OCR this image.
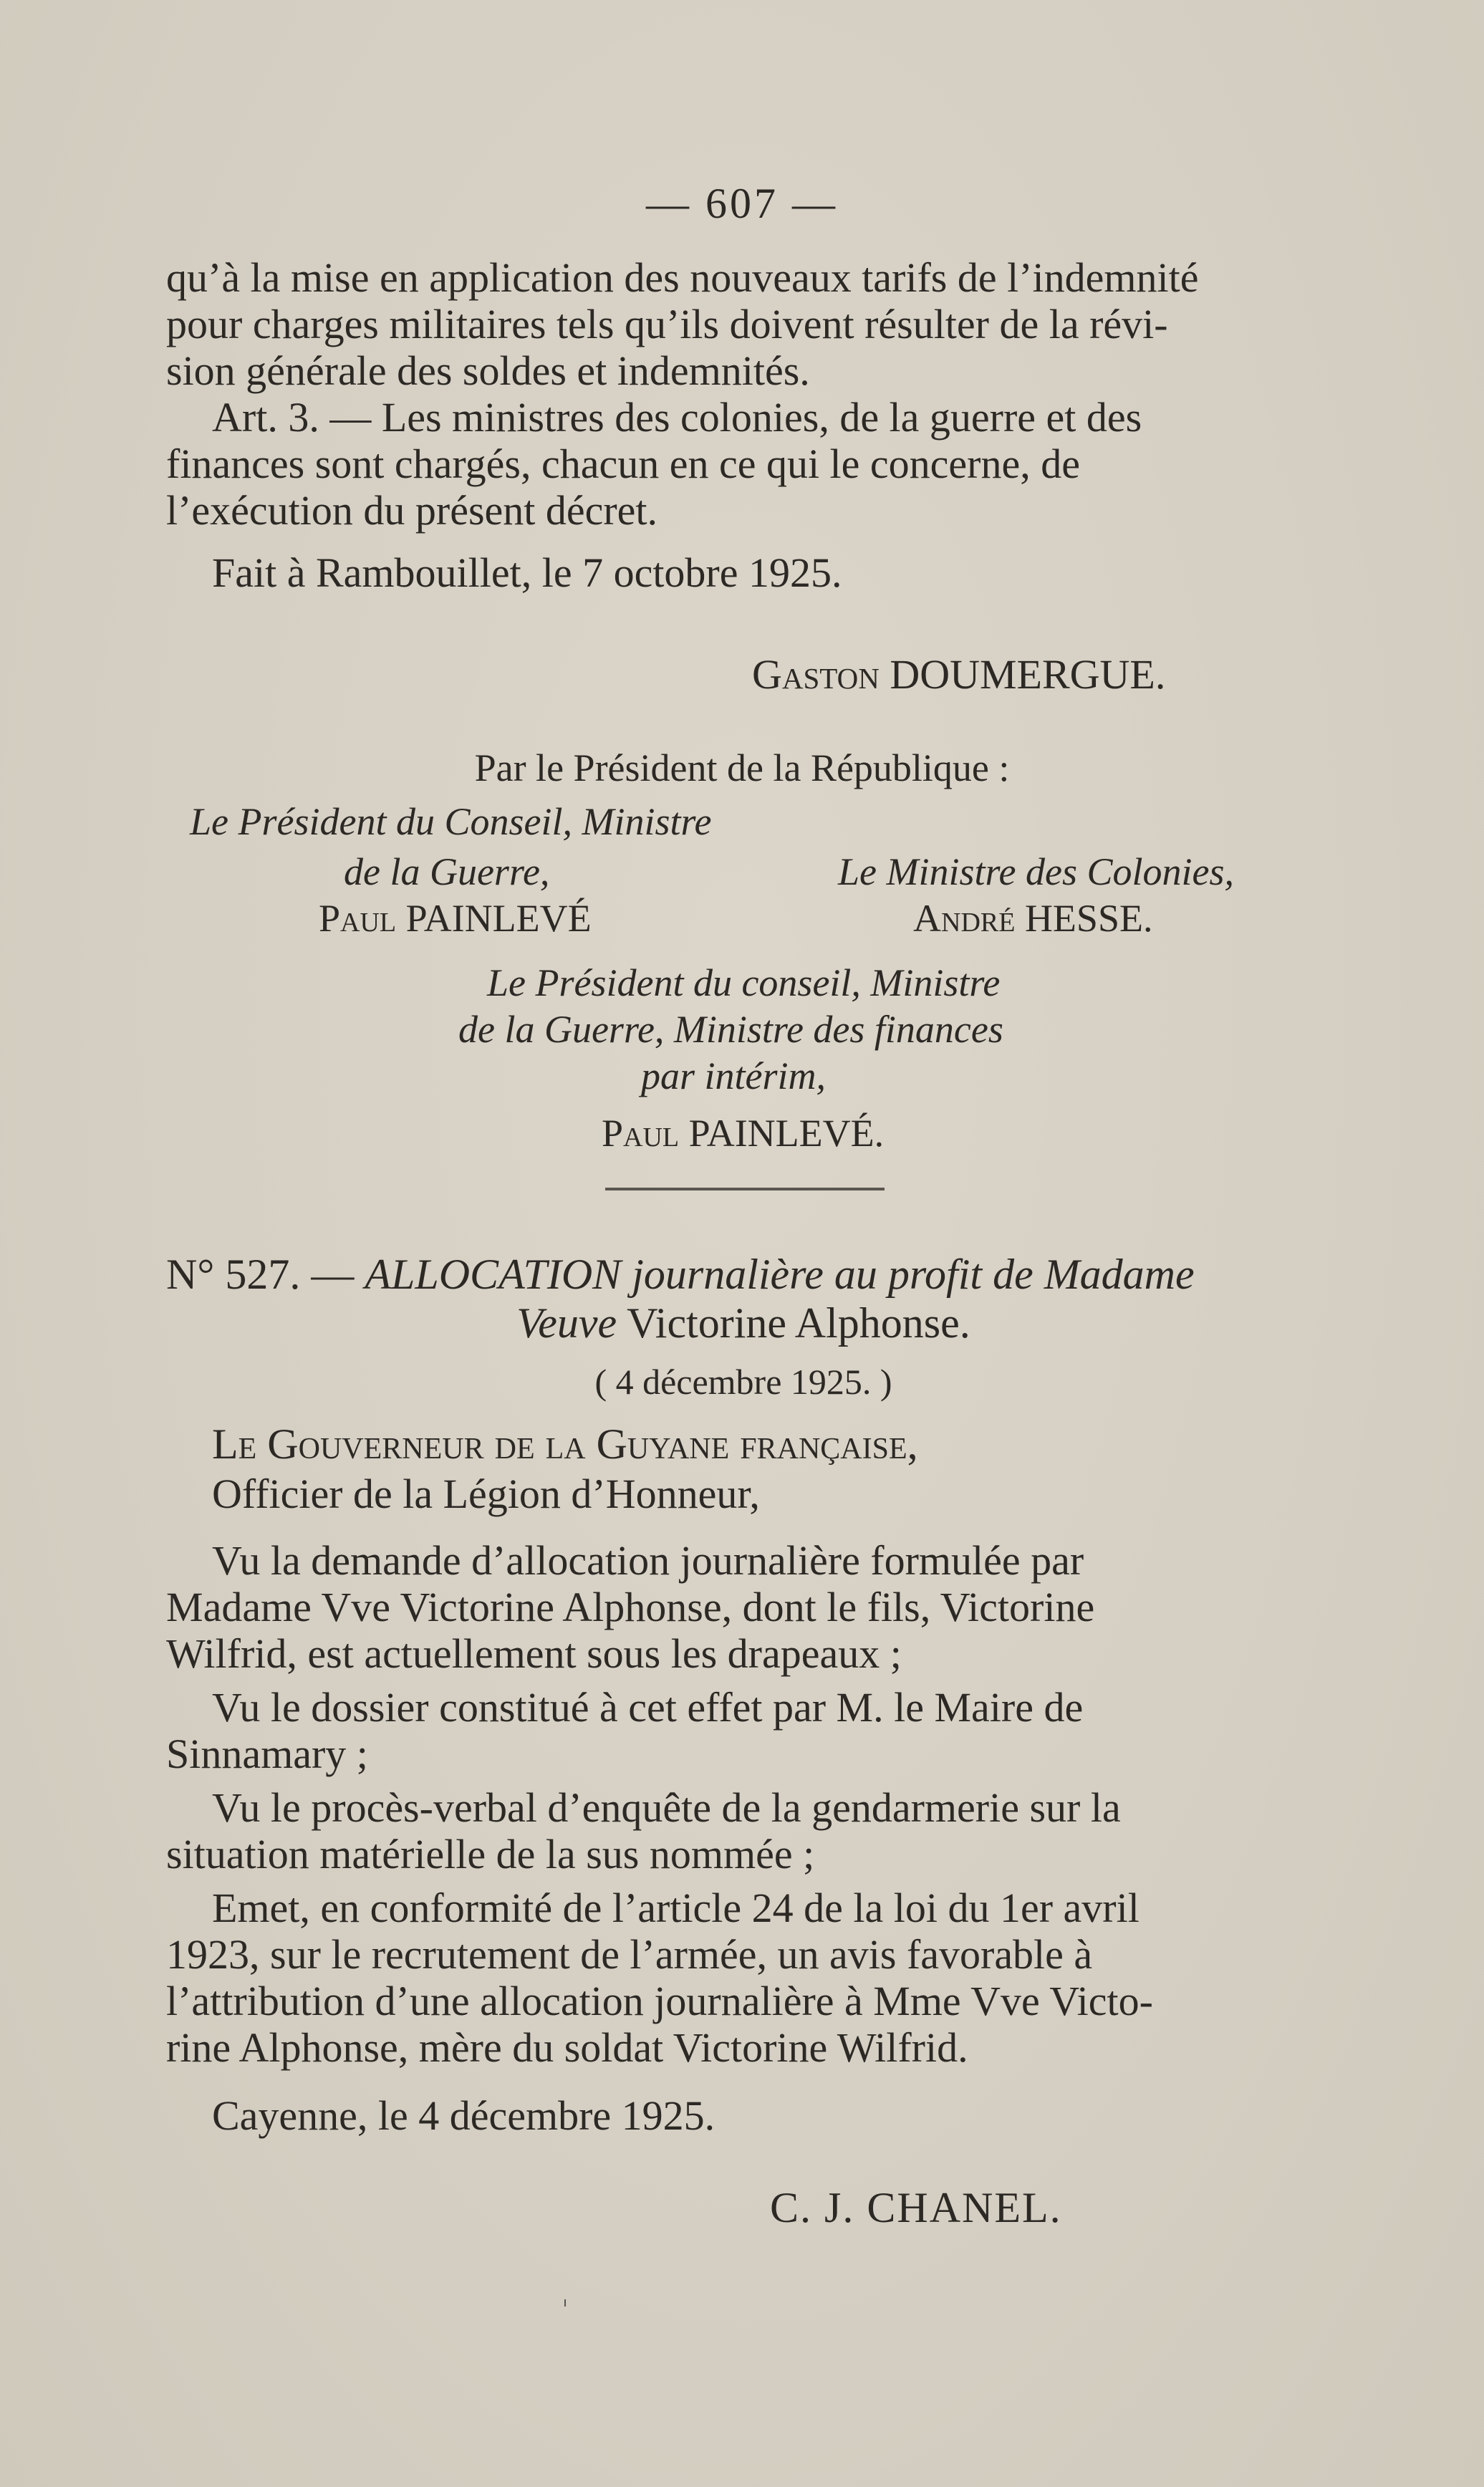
— 607 —

qu’à la mise en application des nouveaux tarifs de l’indemnité
pour charges militaires tels qu’ils doivent résulter de la révi-
sion générale des soldes et indemnités.

Art. 3. — Les ministres des colonies, de la guerre et des
finances sont chargés, chacun en ce qui le concerne, de
l’exécution du présent décret.

Fait à Rambouillet, le 7 octobre 1925.

Gaston DOUMERGUE.
Par le Président de la République :
Le Président du Conseil, Ministre
de la Guerre,
Paul PAINLEVÉ
Le Ministre des Colonies,
André HESSE.
Le Président du conseil, Ministre
de la Guerre, Ministre des finances
par intérim,
Paul PAINLEVÉ.
N° 527. — ALLOCATION journalière au profit de Madame
Veuve Victorine Alphonse.
( 4 décembre 1925. )
Le Gouverneur de la Guyane française,
Officier de la Légion d’Honneur,

Vu la demande d’allocation journalière formulée par
Madame Vve Victorine Alphonse, dont le fils, Victorine
Wilfrid, est actuellement sous les drapeaux ;

Vu le dossier constitué à cet effet par M. le Maire de
Sinnamary ;

Vu le procès-verbal d’enquête de la gendarmerie sur la
situation matérielle de la sus nommée ;

Emet, en conformité de l’article 24 de la loi du 1er avril
1923, sur le recrutement de l’armée, un avis favorable à
l’attribution d’une allocation journalière à Mme Vve Victo-
rine Alphonse, mère du soldat Victorine Wilfrid.

Cayenne, le 4 décembre 1925.

C. J. CHANEL.
